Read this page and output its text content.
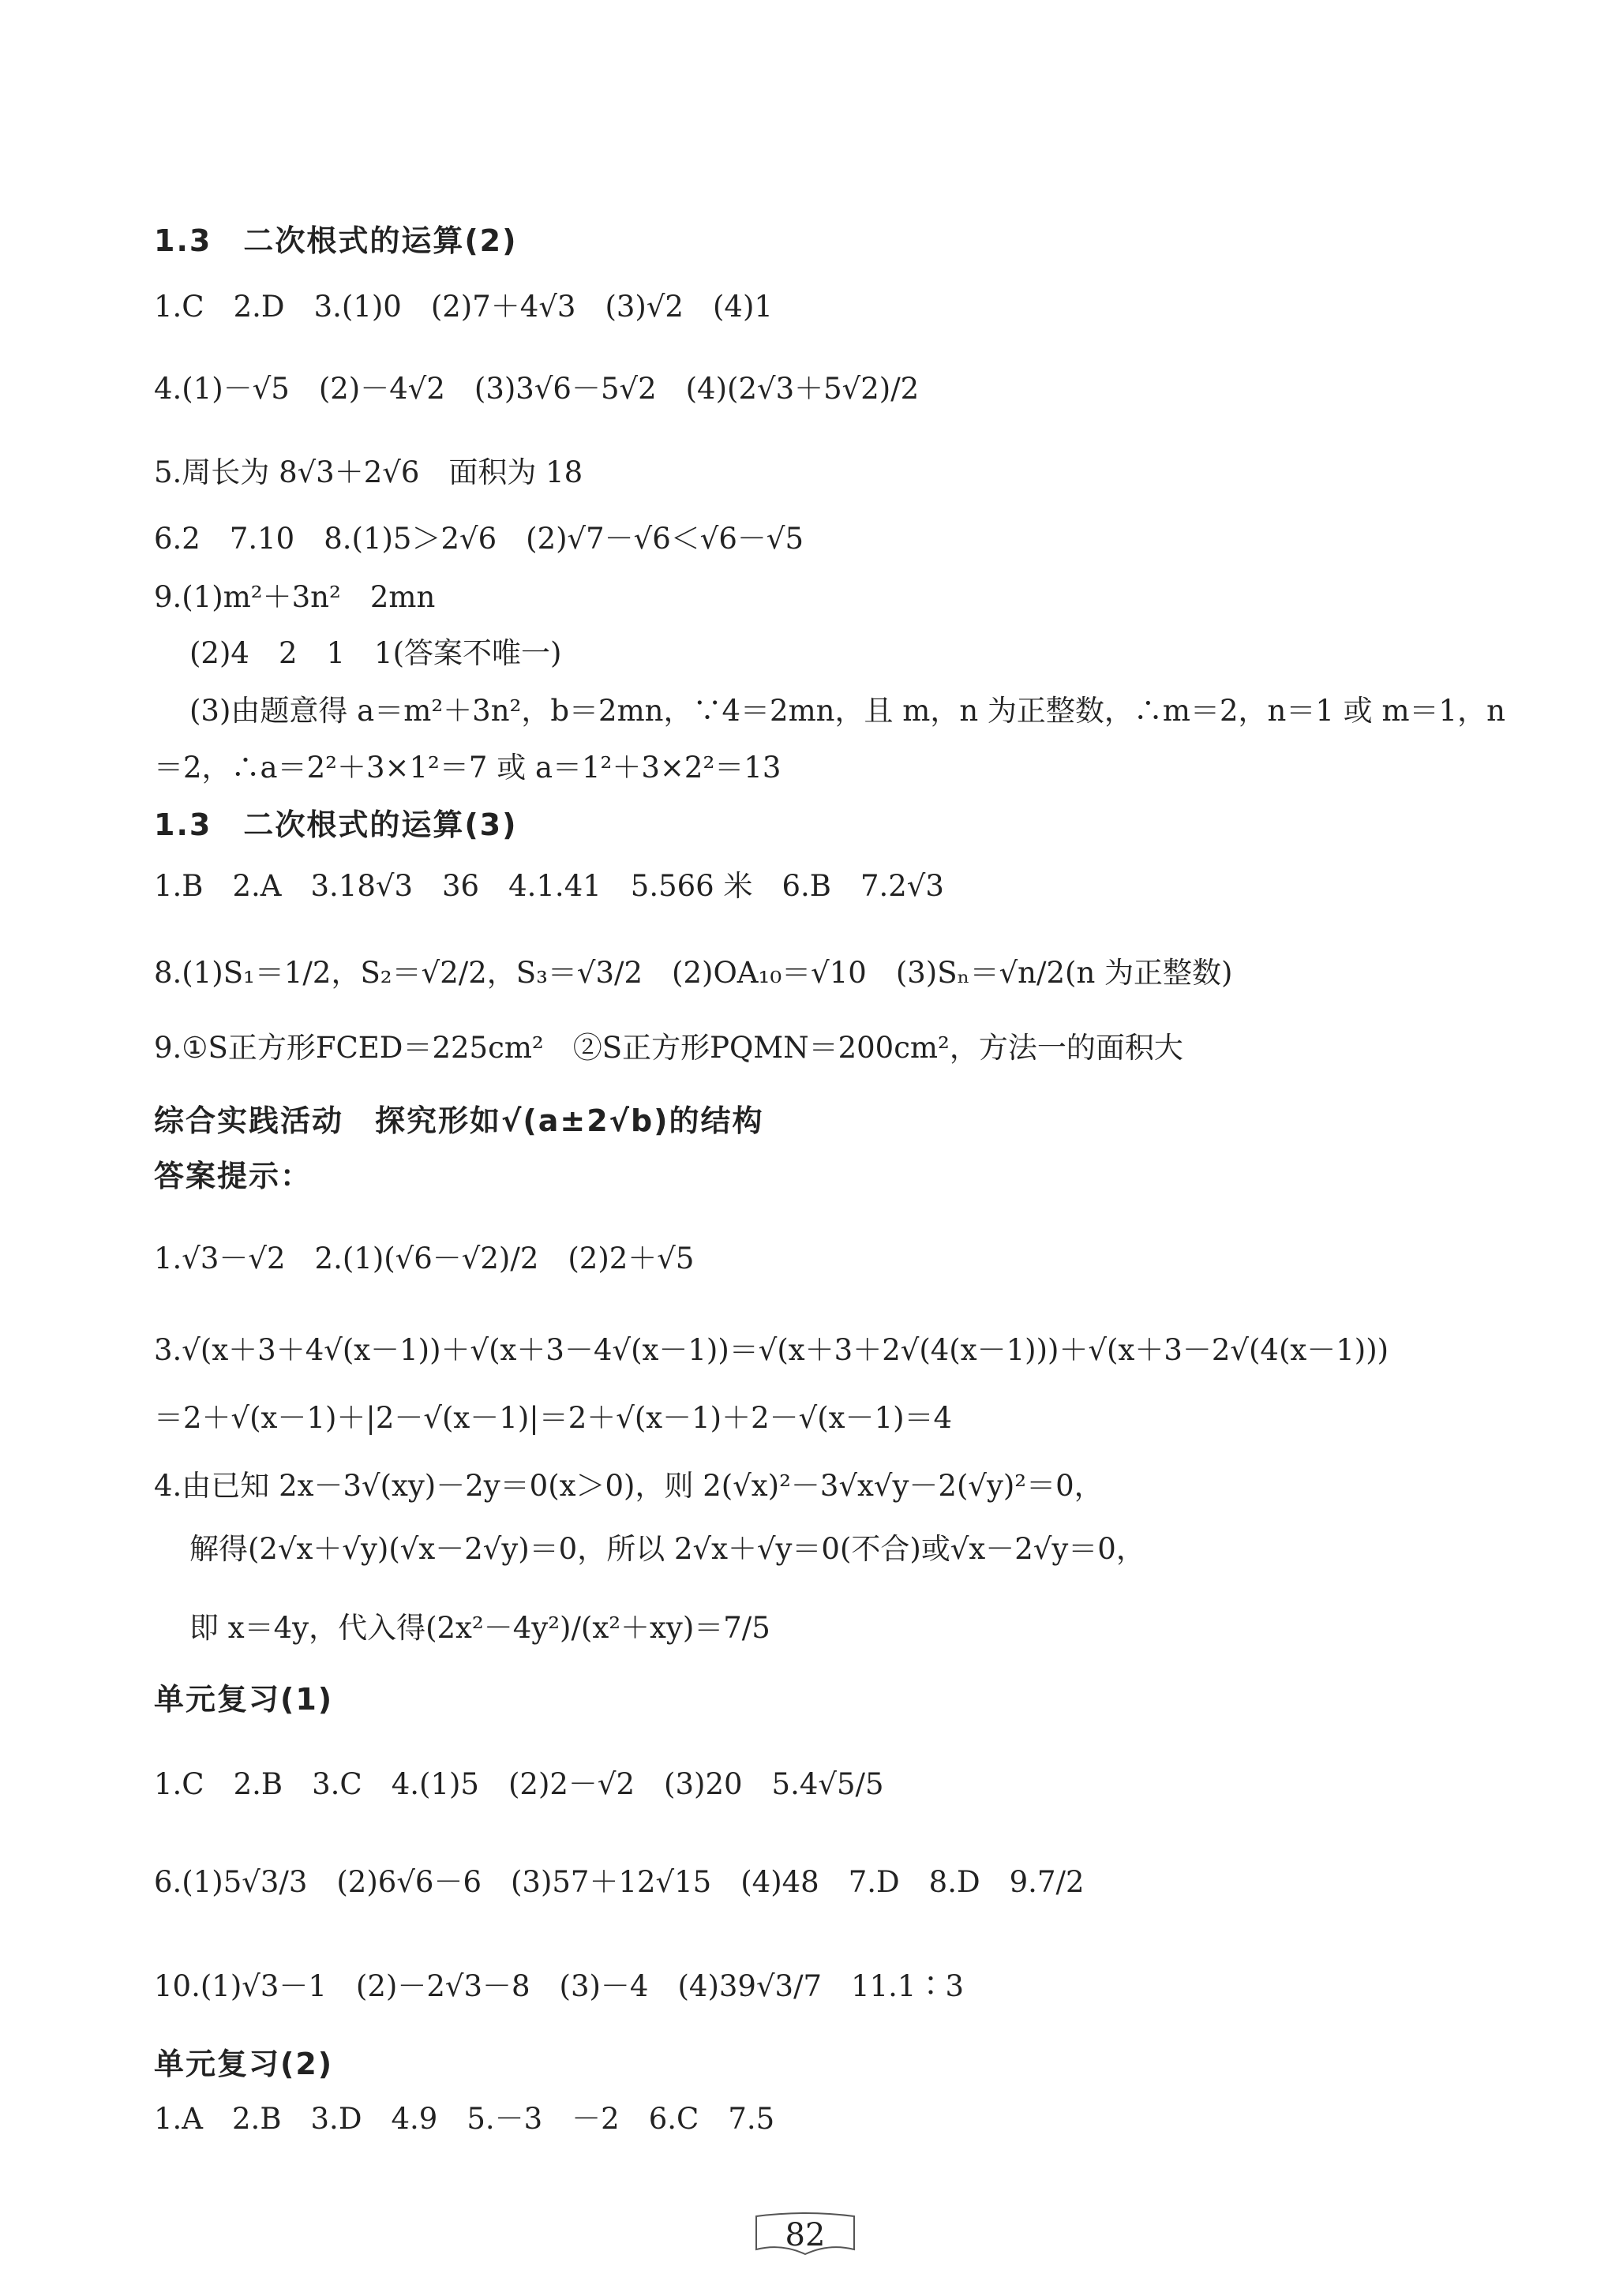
1.3　二次根式的运算(2)
1.C　2.D　3.(1)0　(2)7＋4√3　(3)√2　(4)1
4.(1)－√5　(2)－4√2　(3)3√6－5√2　(4)(2√3＋5√2)/2
5.周长为 8√3＋2√6　面积为 18
6.2　7.10　8.(1)5＞2√6　(2)√7－√6＜√6－√5
9.(1)m²＋3n²　2mn
(2)4　2　1　1(答案不唯一)
(3)由题意得 a＝m²＋3n²，b＝2mn，∵4＝2mn，且 m，n 为正整数，∴m＝2，n＝1 或 m＝1，n
＝2，∴a＝2²＋3×1²＝7 或 a＝1²＋3×2²＝13
1.3　二次根式的运算(3)
1.B　2.A　3.18√3　36　4.1.41　5.566 米　6.B　7.2√3
8.(1)S₁＝1/2，S₂＝√2/2，S₃＝√3/2　(2)OA₁₀＝√10　(3)Sₙ＝√n/2(n 为正整数)
9.①S正方形FCED＝225cm²　②S正方形PQMN＝200cm²，方法一的面积大
综合实践活动　探究形如√(a±2√b)的结构
答案提示：
1.√3－√2　2.(1)(√6－√2)/2　(2)2＋√5
3.√(x＋3＋4√(x－1))＋√(x＋3－4√(x－1))＝√(x＋3＋2√(4(x－1)))＋√(x＋3－2√(4(x－1)))
＝2＋√(x－1)＋|2－√(x－1)|＝2＋√(x－1)＋2－√(x－1)＝4
4.由已知 2x－3√(xy)－2y＝0(x＞0)，则 2(√x)²－3√x√y－2(√y)²＝0，
解得(2√x＋√y)(√x－2√y)＝0，所以 2√x＋√y＝0(不合)或√x－2√y＝0，
即 x＝4y，代入得(2x²－4y²)/(x²＋xy)＝7/5
单元复习(1)
1.C　2.B　3.C　4.(1)5　(2)2－√2　(3)20　5.4√5/5
6.(1)5√3/3　(2)6√6－6　(3)57＋12√15　(4)48　7.D　8.D　9.7/2
10.(1)√3－1　(2)－2√3－8　(3)－4　(4)39√3/7　11.1∶3
单元复习(2)
1.A　2.B　3.D　4.9　5.－3　－2　6.C　7.5
82
